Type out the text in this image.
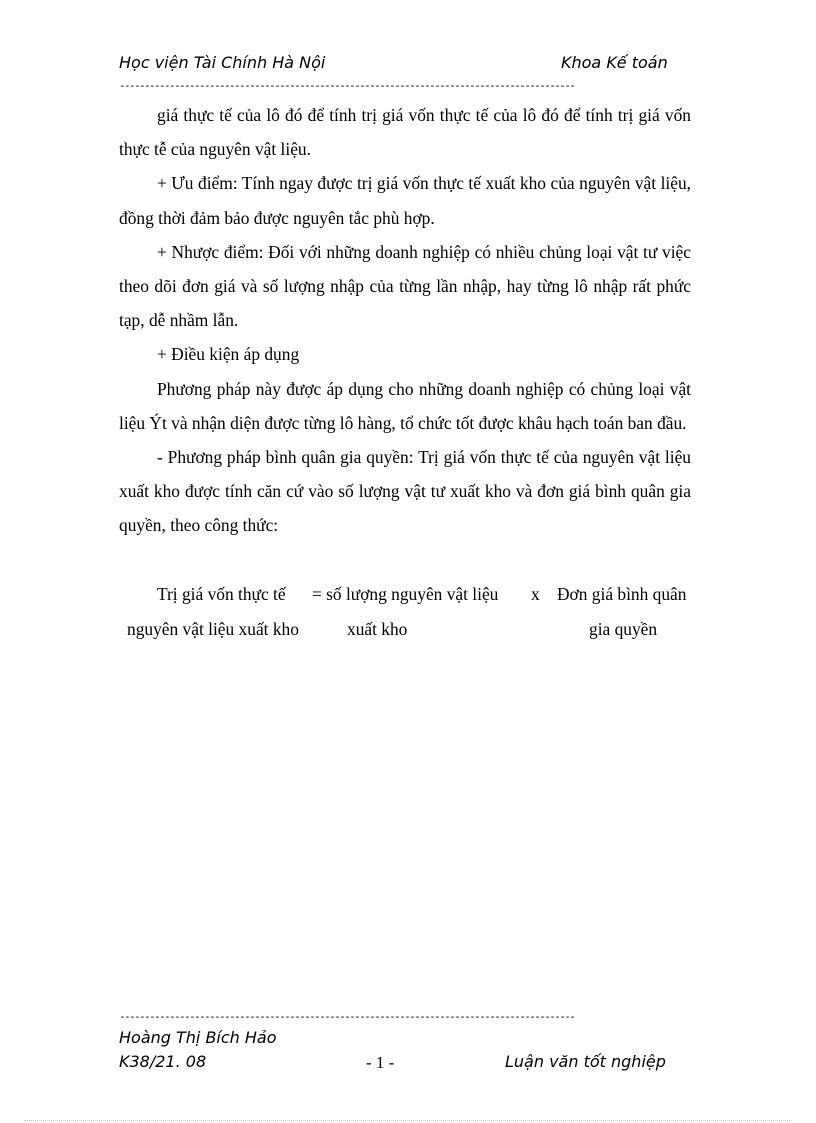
Học viện Tài Chính Hà Nội	Khoa Kế toán
-------------------------------------------------------------------------------------------

giá thực tế của lô đó để tính trị giá vốn thực tế của lô đó để tính trị giá vốn thực tễ của nguyên vật liệu.

+ Ưu điểm: Tính ngay được trị giá vốn thực tế xuất kho của nguyên vật liệu, đồng thời đảm bảo được nguyên tắc phù hợp.

+ Nhược điểm: Đối với những doanh nghiệp có nhiều chủng loại vật tư việc theo dõi đơn giá và số lượng nhập của từng lần nhập, hay từng lô nhập rất phức tạp, dễ nhầm lẫn.

+ Điều kiện áp dụng

Phương pháp này được áp dụng cho những doanh nghiệp có chủng loại vật liệu Ýt và nhận diện được từng lô hàng, tổ chức tốt được khâu hạch toán ban đầu.

- Phương pháp bình quân gia quyền: Trị giá vốn thực tế của nguyên vật liệu xuất kho được tính căn cứ vào số lượng vật tư xuất kho và đơn giá bình quân gia quyền, theo công thức:

Trị giá vốn thực tế = số lượng nguyên vật liệu x Đơn giá bình quân
nguyên vật liệu xuất kho	xuất kho	gia quyền
-------------------------------------------------------------------------------------------
Hoàng Thị Bích Hảo
K38/21. 08	- 1 -	Luận văn tốt nghiệp
